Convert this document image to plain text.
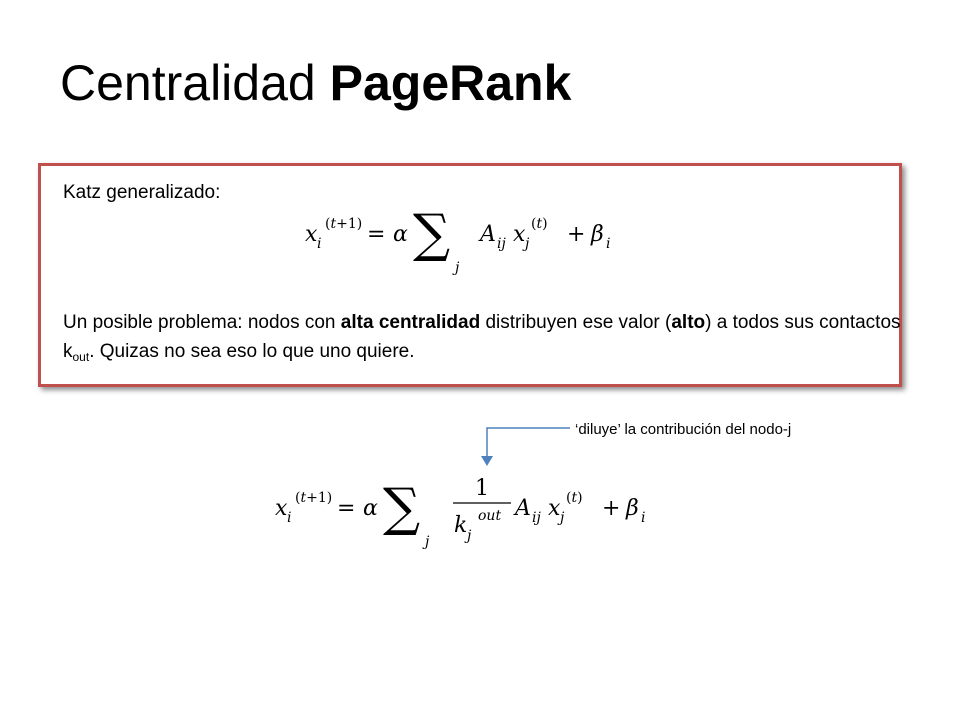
Centralidad PageRank
Katz generalizado:
x i
(t+1) = α ∑
j
A ij x j
(t) + β i
Un posible problema: nodos con alta centralidad distribuyen ese valor (alto) a todos sus contactos $k_{out}$. Quizas no sea eso lo que uno quiere.
‘diluye’ la contribución del nodo-j
x i
(t+1) = α ∑
j
1
k j
out A ij x j
(t) + β i
